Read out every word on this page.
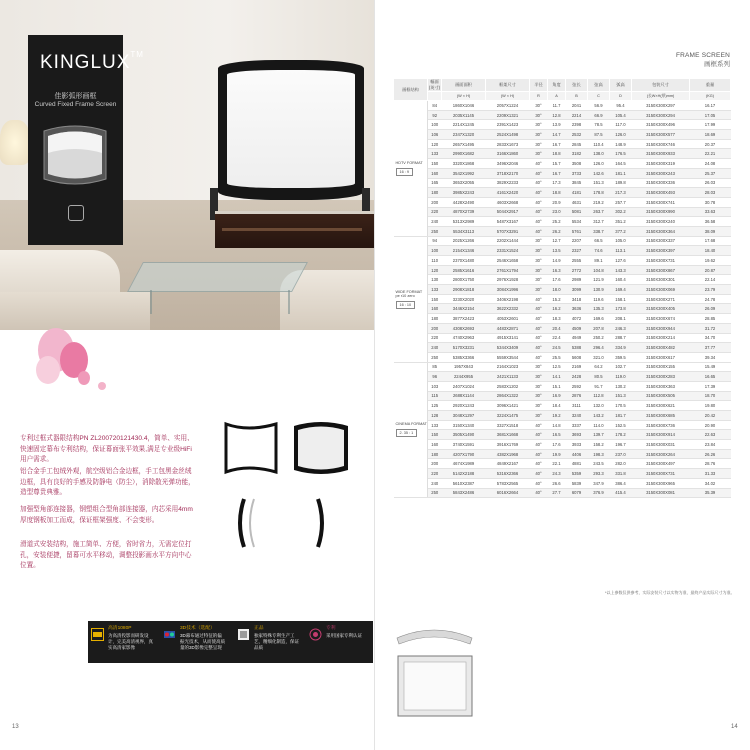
KINGLUX™
佳影弧形画框
Curved Fixed Frame Screen

专利过框式器限结构PN ZL200720121430.4，简单、实用、快速固定幕布专利结构，保证幕面张平效果,满足专业级HiFi用户需求。

铝合金手工包绒外观，航空级铝合金边框，手工包黑金丝绒边框，具有良好的手感及防静电（防尘），消除散光弹功能，造型尊贵典雅。

加强型角部连接器，钢塑组合型角部连接器，内芯采用4mm厚度钢板加工而成，保证框架强度、不会变形。

滑道式安装结构，施工简单、方便，省时省力，无需定位打孔，安装便捷，留幕可水平移动，调整投影画水平方向中心位置。

高清1080P
为高清投影而研发设计，完美高清视界，真实高清家影像
3D技术（选配）
3D幕布通过特征的偏振光技术，从而使高质量的3D影像完整呈现
正品
独家特殊专利生产工艺，精细化制造，保证品质
专利
采用国家专利认证
13
FRAME SCREEN
画框系列
画框结构	幅面(英寸)	画面面积	框架尺寸	半径	角度	弦长	弦高	弧高	包装尺寸	重量
		(W × H)	(W × H)	R	A	B	C	D	(长W×H(厚)mm)	(KG)

HDTV FORMAT
16 : 9	84	1860X1046	2057X1224	30°	11.7	2041	56.9	95.4	3150X300X297	16.17
	92	2035X1145	2209X1321	30°	12.8	2214	66.9	105.4	3150X300X294	17.05
	100	2214X1245	2391X1423	30°	13.9	2398	78.5	117.0	3150X300X496	17.99
	106	2347X1320	2524X1498	30°	14.7	2532	87.5	126.0	3150X300X577	18.69
	120	2657X1495	2833X1673	30°	16.7	2845	110.4	148.9	3150X300X746	20.37
	133	2990X1682	3166X1860	30°	18.8	3182	138.0	176.5	3150X300X933	22.21
	150	3320X1868	3496X2046	40°	15.7	3508	126.0	164.5	3150X300X319	24.08
	160	3542X1992	3718X2170	40°	16.7	3733	142.6	181.1	3150X300X243	25.37
	165	3653X2055	3829X2233	40°	17.3	3845	151.3	189.8	3150X300X336	26.03
	180	3985X2243	4161X2420	40°	18.8	4181	178.8	217.3	3150X300X493	28.03
	200	4428X2490	4603X2668	40°	20.9	4631	219.2	257.7	3150X300X741	30.78
	220	4870X2739	5044X2917	40°	23.0	5081	263.7	302.2	3150X300X990	33.63
	240	5313X2989	5487X3167	40°	25.2	5534	312.7	351.2	3150X300X240	36.58
	250	5534X3113	5707X3291	40°	26.2	5761	338.7	377.2	3150X300X364	38.09

WIDE FORMAT
pe r10 zero
16 : 10	94	2025X1266	2202X1444	30°	12.7	2207	66.5	105.0	3150X300X337	17.68
	100	2154X1346	2331X1524	30°	13.5	2327	74.6	113.1	3150X300X397	18.40
	110	2370X1480	2546X1658	30°	14.9	2555	89.1	127.6	3150X300X731	19.62
	120	2585X1616	2761X1794	30°	16.3	2772	104.8	143.3	3150X300X867	20.87
	130	2800X1750	2976X1928	30°	17.6	2989	121.9	160.4	3150X300X301	22.14
	133	2908X1818	3084X1996	30°	18.0	3099	130.9	169.4	3150X300X069	23.79
	150	3230X2020	3406X2198	40°	15.2	3418	119.6	158.1	3150X300X271	24.78
	160	3446X2154	3622X2332	40°	16.2	3636	135.3	173.8	3150X300X405	26.09
	180	3877X2423	4053X2601	40°	18.3	4072	169.6	208.1	3150X300X674	28.85
	200	4308X2693	4483X2871	40°	20.4	4509	207.8	246.3	3150X300X944	31.72
	220	4740X2963	4915X3141	40°	22.4	4949	250.2	288.7	3150X300X214	34.70
	240	5170X3231	5344X3409	40°	24.5	5388	296.4	334.9	3150X300X482	37.77
	250	5385X3366	5559X3544	40°	25.5	5608	321.0	359.5	3150X300X617	39.34

CINEMA FORMAT
2. 35 : 1	85	1957X843	2164X1023	30°	12.5	2169	64.2	102.7	3150X300X155	15.49
	96	2244X955	2421X1133	30°	14.1	2428	80.5	119.0	3150X300X283	16.65
	103	2407X1024	2583X1202	30°	15.1	2592	91.7	130.2	3150X300X363	17.39
	115	2688X1144	2864X1322	30°	16.9	2876	112.8	151.3	3150X300X505	18.70
	125	2920X1243	3096X1421	30°	18.4	3111	132.0	170.5	3150X300X621	19.80
	128	3048X1297	3224X1475	30°	19.2	3240	143.2	181.7	3150X300X685	20.42
	133	3150X1340	3327X1518	40°	14.8	3337	114.0	152.5	3150X300X736	20.90
	150	3505X1490	3681X1668	40°	16.5	3693	139.7	178.2	3150X300X914	22.63
	160	3740X1591	3916X1769	40°	17.6	3933	158.2	196.7	3150X300X031	23.84
	180	4207X1790	4382X1968	40°	19.9	4406	198.3	237.0	3150X300X264	26.26
	200	4674X1989	4849X2167	40°	22.1	4881	243.5	282.0	3150X300X497	28.76
	220	5142X2188	5316X2366	40°	24.3	5359	293.3	331.8	3150X300X731	31.33
	240	5610X2387	5783X2565	40°	26.6	5839	347.9	386.4	3150X300X965	34.02
	250	5843X2486	6016X2664	40°	27.7	6079	376.9	415.4	3150X300X081	35.39
*以上参数仅供参考，实际安装尺寸以实物为准，最终产品实际尺寸为准。
14
